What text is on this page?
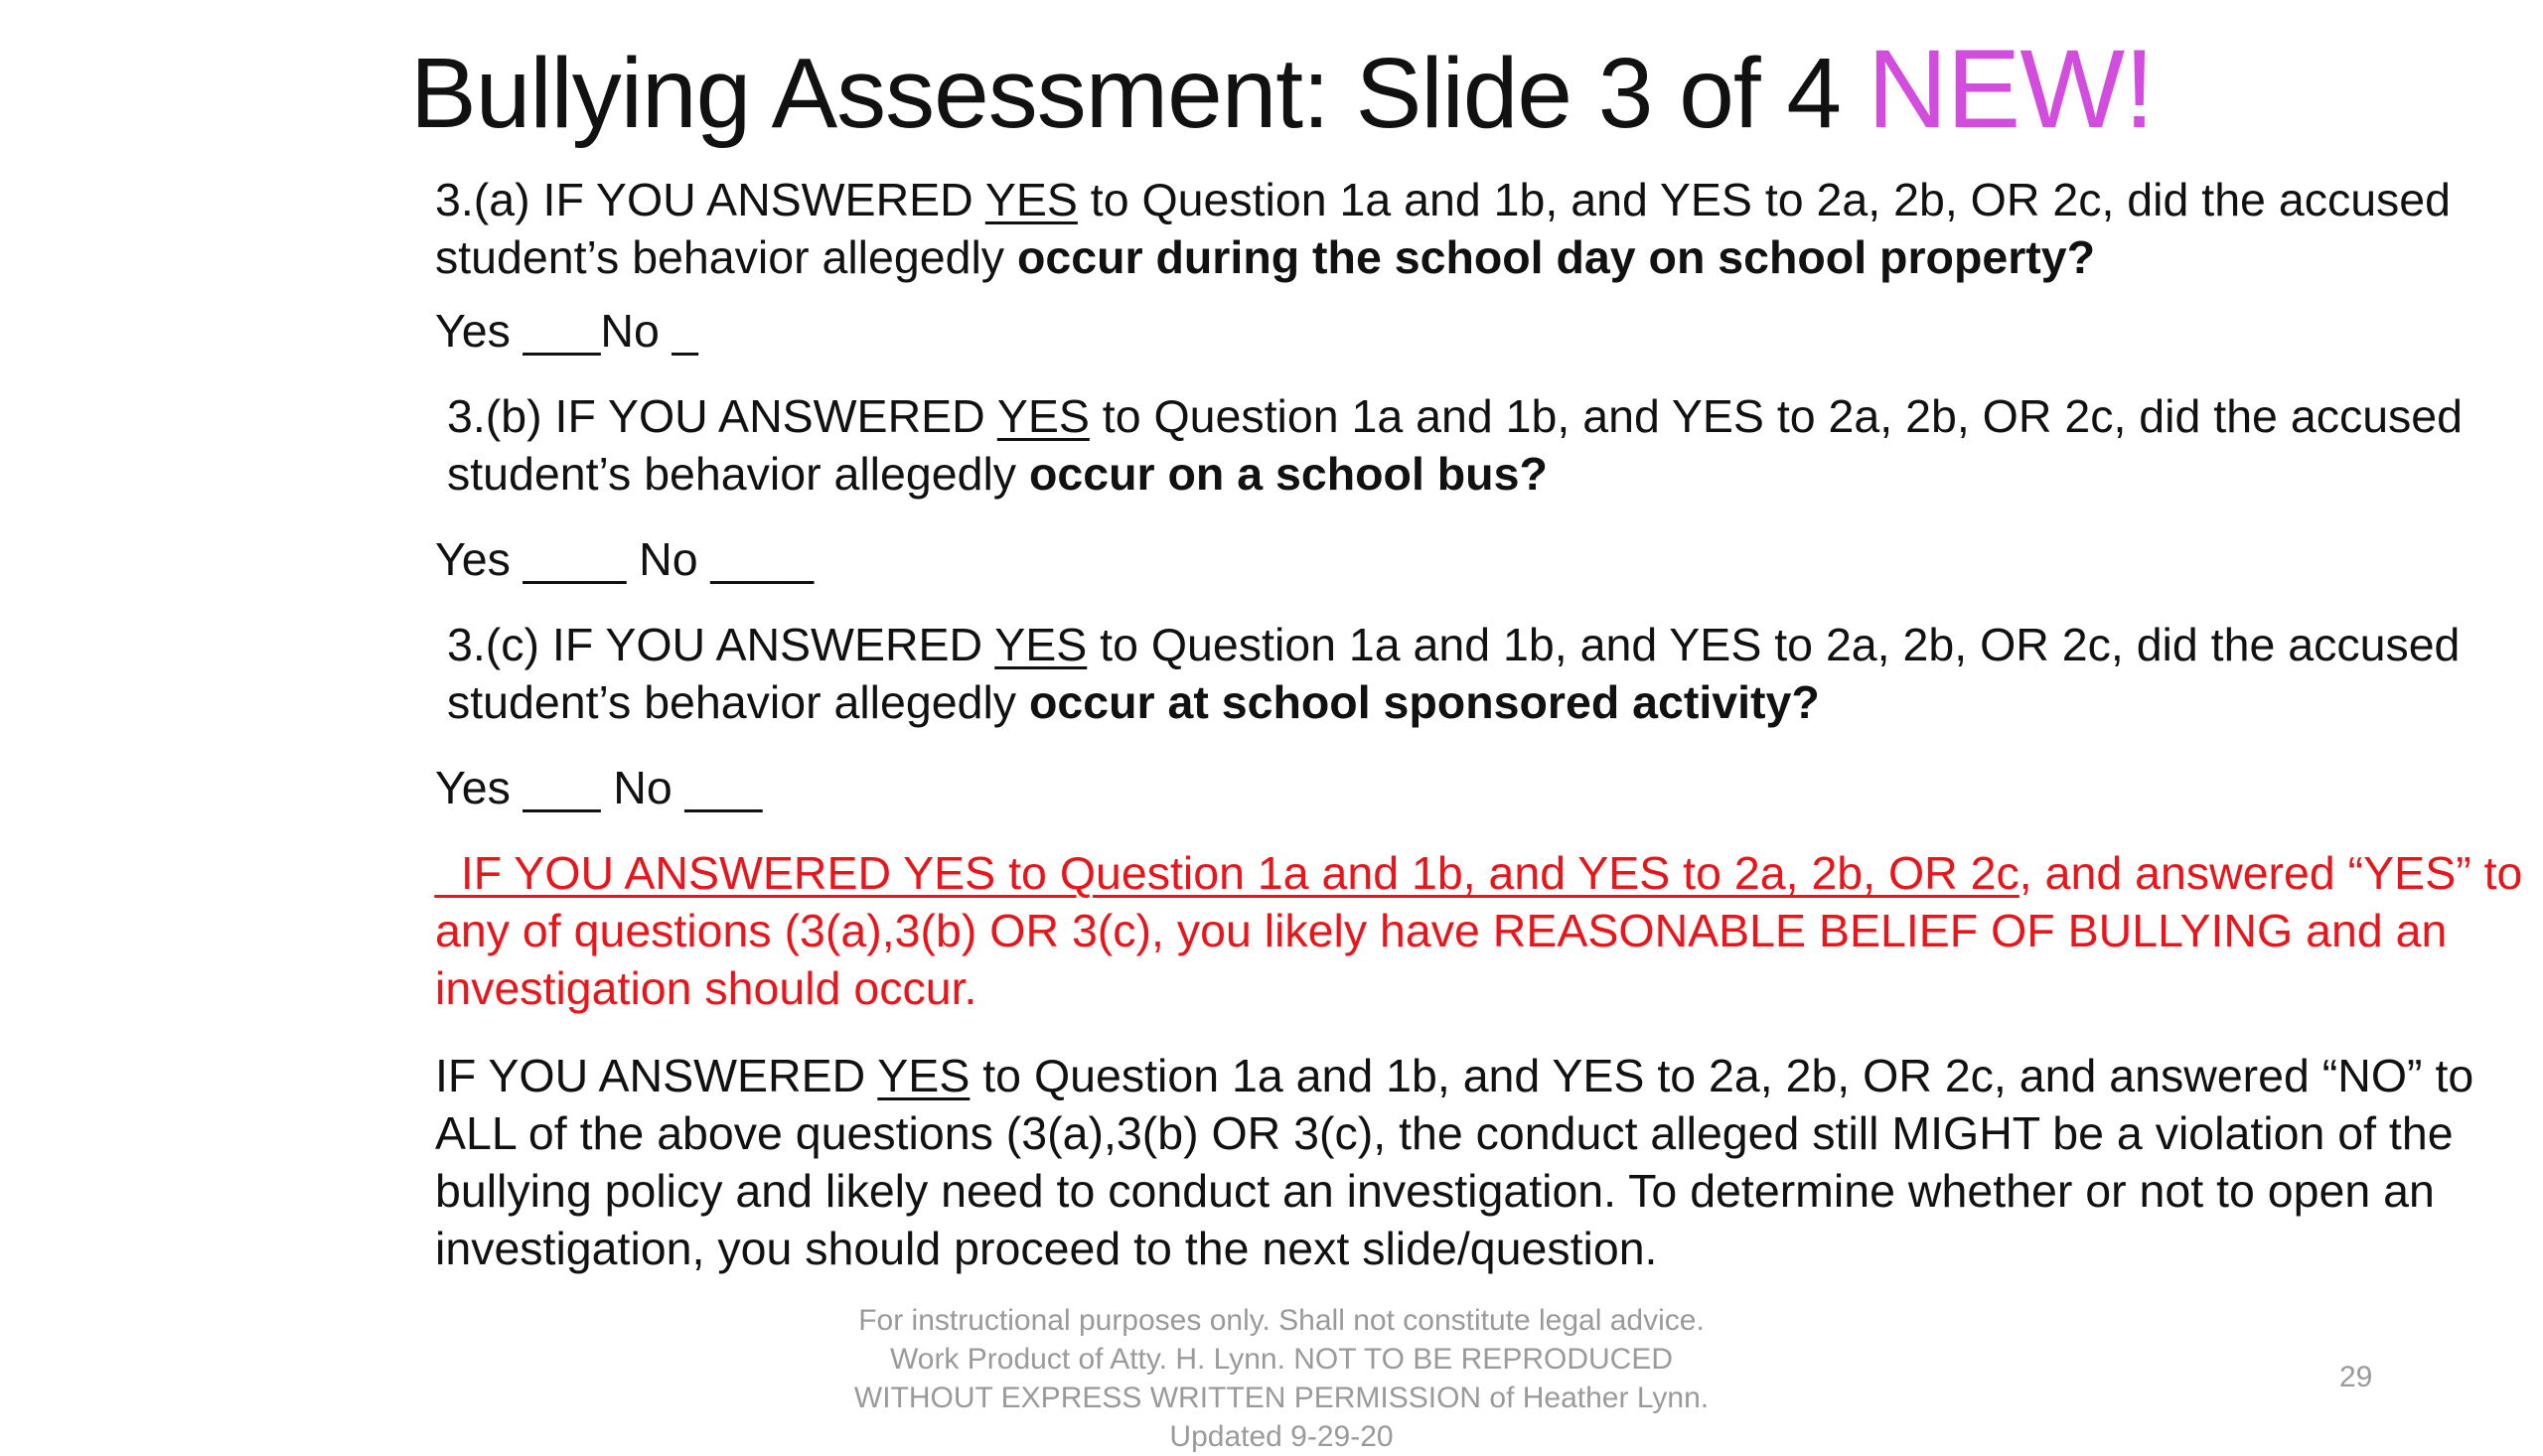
Bullying Assessment: Slide 3 of 4 NEW!

3.(a) IF YOU ANSWERED YES to Question 1a and 1b, and YES to 2a, 2b, OR 2c, did the accused student’s behavior allegedly occur during the school day on school property?

Yes ___No _

3.(b) IF YOU ANSWERED YES to Question 1a and 1b, and YES to 2a, 2b, OR 2c, did the accused student’s behavior allegedly occur on a school bus?

Yes ____ No ____

3.(c) IF YOU ANSWERED YES to Question 1a and 1b, and YES to 2a, 2b, OR 2c, did the accused student’s behavior allegedly occur at school sponsored activity?

Yes ___ No ___

_IF YOU ANSWERED YES to Question 1a and 1b, and YES to 2a, 2b, OR 2c, and answered “YES” to any of questions (3(a),3(b) OR 3(c), you likely have REASONABLE BELIEF OF BULLYING and an investigation should occur.

IF YOU ANSWERED YES to Question 1a and 1b, and YES to 2a, 2b, OR 2c, and answered “NO” to ALL of the above questions (3(a),3(b) OR 3(c), the conduct alleged still MIGHT be a violation of the bullying policy and likely need to conduct an investigation. To determine whether or not to open an investigation, you should proceed to the next slide/question.

For instructional purposes only. Shall not constitute legal advice. Work Product of Atty. H. Lynn. NOT TO BE REPRODUCED WITHOUT EXPRESS WRITTEN PERMISSION of Heather Lynn. Updated 9-29-20
29
